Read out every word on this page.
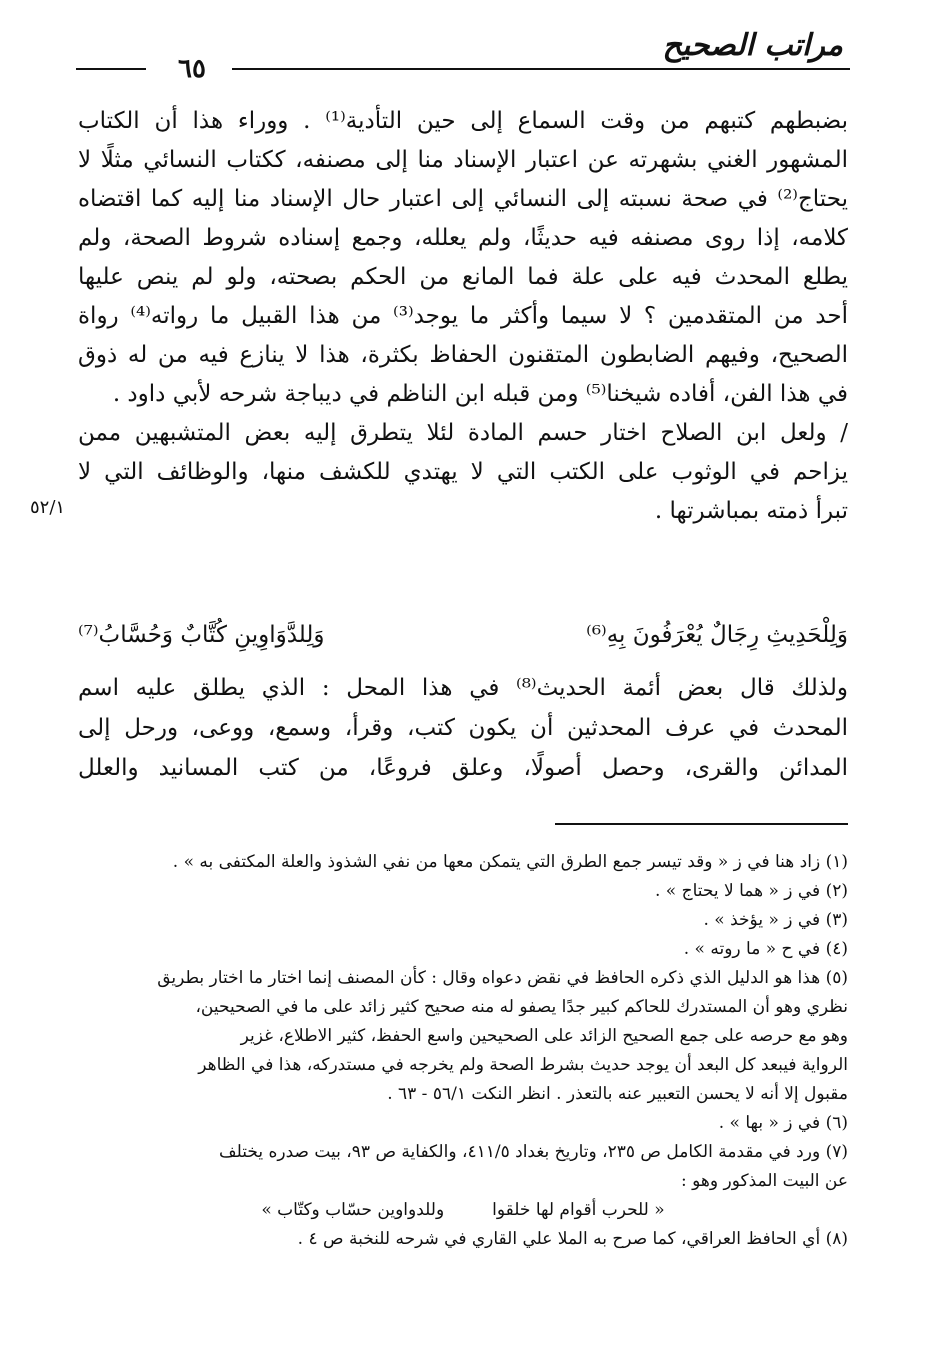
مراتب الصحيح
٦٥
٥٢/١
بضبطهم كتبهم من وقت السماع إلى حين التأدية⁽¹⁾ . ووراء هذا أن الكتاب
المشهور الغني بشهرته عن اعتبار الإسناد منا إلى مصنفه، ككتاب النسائي مثلًا لا
يحتاج⁽²⁾ في صحة نسبته إلى النسائي إلى اعتبار حال الإسناد منا إليه كما اقتضاه
كلامه، إذا روى مصنفه فيه حديثًا، ولم يعلله، وجمع إسناده شروط الصحة، ولم
يطلع المحدث فيه على علة فما المانع من الحكم بصحته، ولو لم ينص عليها
أحد من المتقدمين ؟ لا سيما وأكثر ما يوجد⁽³⁾ من هذا القبيل ما رواته⁽⁴⁾ رواة
الصحيح، وفيهم الضابطون المتقنون الحفاظ بكثرة، هذا لا ينازع فيه من له ذوق
في هذا الفن، أفاده شيخنا⁽⁵⁾ ومن قبله ابن الناظم في ديباجة شرحه لأبي داود .
/ ولعل ابن الصلاح اختار حسم المادة لئلا يتطرق إليه بعض المتشبهين ممن
يزاحم في الوثوب على الكتب التي لا يهتدي للكشف منها، والوظائف التي لا
تبرأ ذمته بمباشرتها .
وَلِلْحَدِيثِ رِجَالٌ يُعْرَفُونَ بِهِ⁽⁶⁾
وَلِلدَّوَاوِينِ كُتَّابٌ وَحُسَّابُ⁽⁷⁾
ولذلك قال بعض أئمة الحديث⁽⁸⁾ في هذا المحل : الذي يطلق عليه اسم
المحدث في عرف المحدثين أن يكون كتب، وقرأ، وسمع، ووعى، ورحل إلى
المدائن والقرى، وحصل أصولًا، وعلق فروعًا، من كتب المسانيد والعلل
(١) زاد هنا في ز « وقد تيسر جمع الطرق التي يتمكن معها من نفي الشذوذ والعلة المكتفى به » .
(٢) في ز « هما لا يحتاج » .
(٣) في ز « يؤخذ » .
(٤) في ح « ما روته » .
(٥) هذا هو الدليل الذي ذكره الحافظ في نقض دعواه وقال : كأن المصنف إنما اختار ما اختار بطريق
نظري وهو أن المستدرك للحاكم كبير جدًا يصفو له منه صحيح كثير زائد على ما في الصحيحين،
وهو مع حرصه على جمع الصحيح الزائد على الصحيحين واسع الحفظ، كثير الاطلاع، غزير
الرواية فيبعد كل البعد أن يوجد حديث بشرط الصحة ولم يخرجه في مستدركه، هذا في الظاهر
مقبول إلا أنه لا يحسن التعبير عنه بالتعذر . انظر النكت ٥٦/١ - ٦٣ .
(٦) في ز « بها » .
(٧) ورد في مقدمة الكامل ص ٢٣٥، وتاريخ بغداد ٤١١/٥، والكفاية ص ٩٣، بيت صدره يختلف
عن البيت المذكور وهو :
« للحرب أقوام لها خلقوا
وللدواوين حسّاب وكتّاب »
(٨) أي الحافظ العراقي، كما صرح به الملا علي القاري في شرحه للنخبة ص ٤ .
